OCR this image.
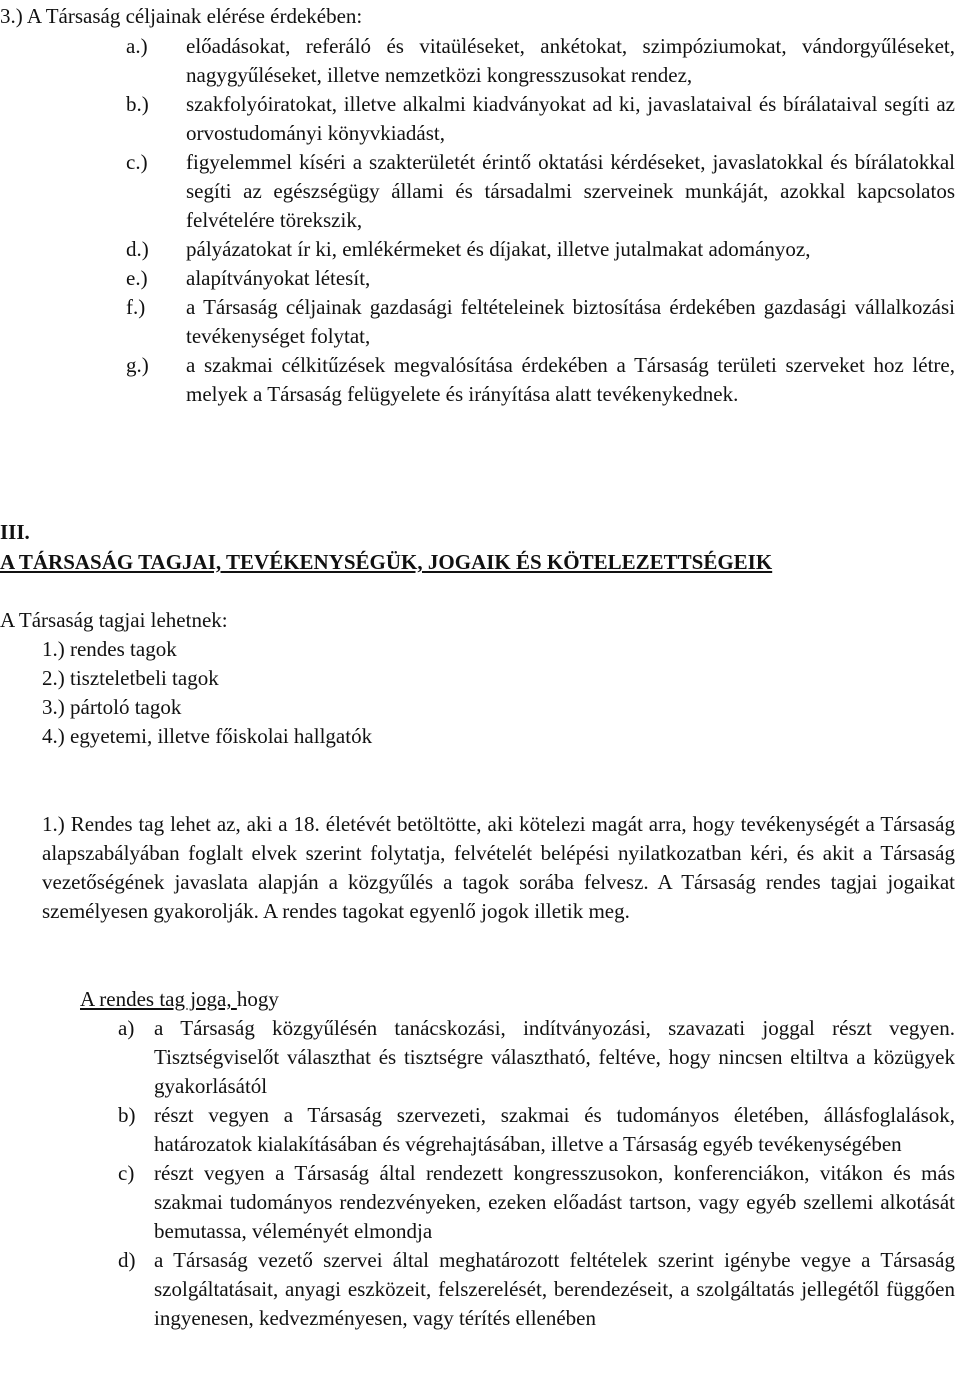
3.) A Társaság céljainak elérése érdekében:
a.)	előadásokat, referáló és vitaüléseket, ankétokat, szimpóziumokat, vándorgyűléseket, nagygyűléseket, illetve nemzetközi kongresszusokat rendez,
b.)	szakfolyóiratokat, illetve alkalmi kiadványokat ad ki, javaslataival és bírálataival segíti az orvostudományi könyvkiadást,
c.)	figyelemmel kíséri a szakterületét érintő oktatási kérdéseket, javaslatokkal és bírálatokkal segíti az egészségügy állami és társadalmi szerveinek munkáját, azokkal kapcsolatos felvételére törekszik,
d.)	pályázatokat ír ki, emlékérmeket és díjakat, illetve jutalmakat adományoz,
e.)	alapítványokat létesít,
f.)	a Társaság céljainak gazdasági feltételeinek biztosítása érdekében gazdasági vállalkozási tevékenységet folytat,
g.)	a szakmai célkitűzések megvalósítása érdekében a Társaság területi szerveket hoz létre, melyek a Társaság felügyelete és irányítása alatt tevékenykednek.
III.
A TÁRSASÁG TAGJAI, TEVÉKENYSÉGÜK, JOGAIK ÉS KÖTELEZETTSÉGEIK
A Társaság tagjai lehetnek:
1.) rendes tagok
2.) tiszteletbeli tagok
3.) pártoló tagok
4.) egyetemi, illetve főiskolai hallgatók
1.) Rendes tag lehet az, aki a 18. életévét betöltötte, aki kötelezi magát arra, hogy tevékenységét a Társaság alapszabályában foglalt elvek szerint folytatja, felvételét belépési nyilatkozatban kéri, és akit a Társaság vezetőségének javaslata alapján a közgyűlés a tagok sorába felvesz. A Társaság rendes tagjai jogaikat személyesen gyakorolják. A rendes tagokat egyenlő jogok illetik meg.
A rendes tag joga, hogy
a) a Társaság közgyűlésén tanácskozási, indítványozási, szavazati joggal részt vegyen. Tisztségviselőt választhat és tisztségre választható, feltéve, hogy nincsen eltiltva a közügyek gyakorlásától
b) részt vegyen a Társaság szervezeti, szakmai és tudományos életében, állásfoglalások, határozatok kialakításában és végrehajtásában, illetve a Társaság egyéb tevékenységében
c) részt vegyen a Társaság által rendezett kongresszusokon, konferenciákon, vitákon és más szakmai tudományos rendezvényeken, ezeken előadást tartson, vagy egyéb szellemi alkotását bemutassa, véleményét elmondja
d) a Társaság vezető szervei által meghatározott feltételek szerint igénybe vegye a Társaság szolgáltatásait, anyagi eszközeit, felszerelését, berendezéseit, a szolgáltatás jellegétől függően ingyenesen, kedvezményesen, vagy térítés ellenében
